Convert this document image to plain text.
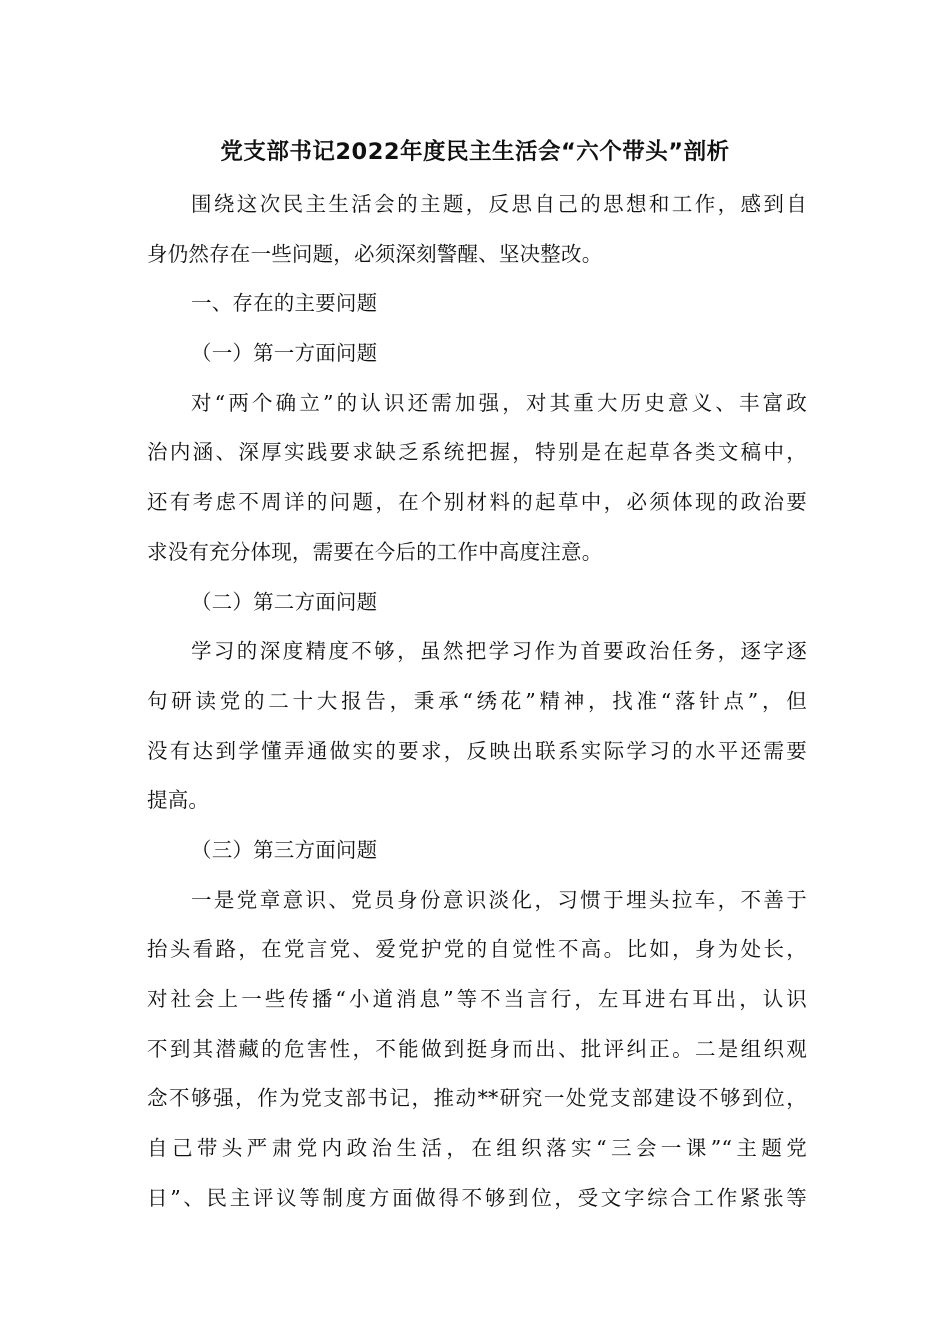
党支部书记2022年度民主生活会“六个带头”剖析
围绕这次民主生活会的主题，反思自己的思想和工作，感到自
身仍然存在一些问题，必须深刻警醒、坚决整改。
一、存在的主要问题
（一）第一方面问题
对“两个确立”的认识还需加强，对其重大历史意义、丰富政
治内涵、深厚实践要求缺乏系统把握，特别是在起草各类文稿中，
还有考虑不周详的问题，在个别材料的起草中，必须体现的政治要
求没有充分体现，需要在今后的工作中高度注意。
（二）第二方面问题
学习的深度精度不够，虽然把学习作为首要政治任务，逐字逐
句研读党的二十大报告，秉承“绣花”精神，找准“落针点”，但
没有达到学懂弄通做实的要求，反映出联系实际学习的水平还需要
提高。
（三）第三方面问题
一是党章意识、党员身份意识淡化，习惯于埋头拉车，不善于
抬头看路，在党言党、爱党护党的自觉性不高。比如，身为处长，
对社会上一些传播“小道消息”等不当言行，左耳进右耳出，认识
不到其潜藏的危害性，不能做到挺身而出、批评纠正。二是组织观
念不够强，作为党支部书记，推动**研究一处党支部建设不够到位，
自己带头严肃党内政治生活，在组织落实“三会一课”“主题党
日”、民主评议等制度方面做得不够到位，受文字综合工作紧张等
